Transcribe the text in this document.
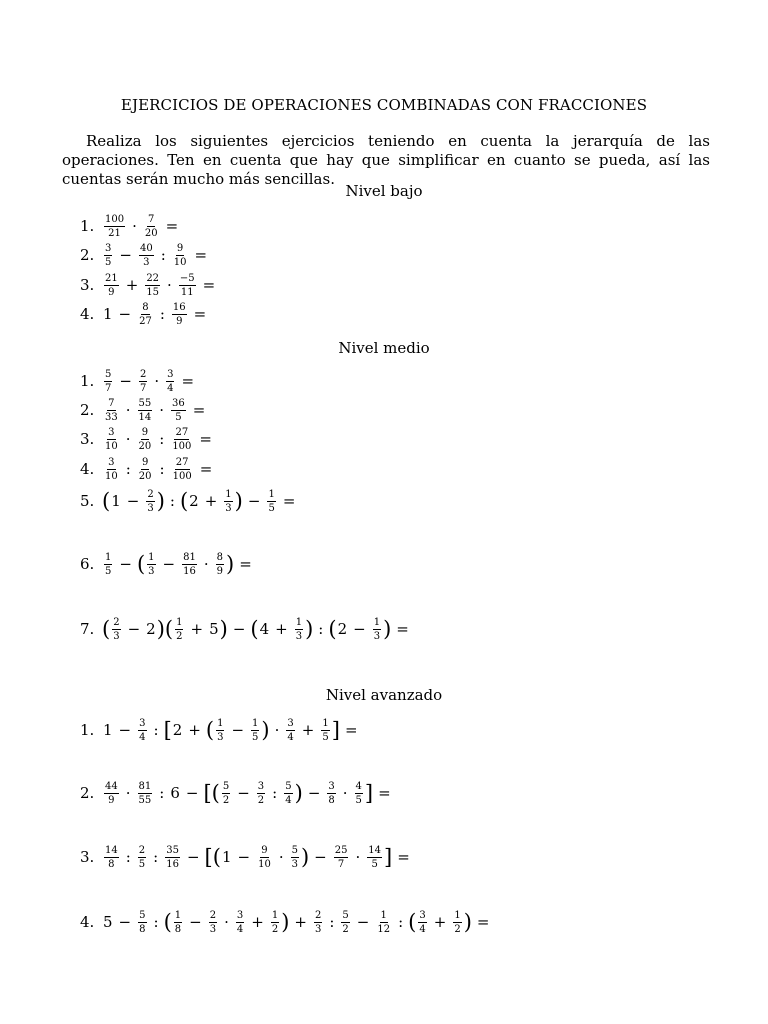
EJERCICIOS DE OPERACIONES COMBINADAS CON FRACCIONES
Realiza los siguientes ejercicios teniendo en cuenta la jerarquía de las operaciones. Ten en cuenta que hay que simplificar en cuanto se pueda, así las cuentas serán mucho más sencillas.
Nivel bajo
1. $\frac{100}{21} \cdot \frac{7}{20}$ =
2. $\frac{3}{5} - \frac{40}{3}$ : $\frac{9}{10}$ =
3. $\frac{21}{9} + \frac{22}{15} \cdot \frac{-5}{11}$ =
4. $1 - \frac{8}{27}$ : $\frac{16}{9}$ =
Nivel medio
1. $\frac{5}{7} - \frac{2}{7} \cdot \frac{3}{4}$ =
2. $\frac{7}{33} \cdot \frac{55}{14} \cdot \frac{36}{5}$ =
3. $\frac{3}{10} \cdot \frac{9}{20}$ : $\frac{27}{100}$ =
4. $\frac{3}{10}$ : $\frac{9}{20}$ : $\frac{27}{100}$ =
5. ( $1 - \frac{2}{3}$ ) : ( $2 + \frac{1}{3}$ ) − $\frac{1}{5}$ =
6. $\frac{1}{5}$ − ( $\frac{1}{3} - \frac{81}{16} \cdot \frac{8}{9}$ ) =
7. ( $\frac{2}{3} - 2$ ) ( $\frac{1}{2} + 5$ ) − ( $4 + \frac{1}{3}$ ) : ( $2 - \frac{1}{3}$ ) =
Nivel avanzado
1. $1 - \frac{3}{4}$ : [ 2 + ( $\frac{1}{3} - \frac{1}{5}$ ) · $\frac{3}{4} + \frac{1}{5}$ ] =
2. $\frac{44}{9} \cdot \frac{81}{55}$ : 6 − [ ( $\frac{5}{2} - \frac{3}{2}$ : $\frac{5}{4}$ ) − $\frac{3}{8} \cdot \frac{4}{5}$ ] =
3. $\frac{14}{8}$ : $\frac{2}{5}$ : $\frac{35}{16}$ − [ ( $1 - \frac{9}{10} \cdot \frac{5}{3}$ ) − $\frac{25}{7} \cdot \frac{14}{5}$ ] =
4. $5 - \frac{5}{8}$ : ( $\frac{1}{8} - \frac{2}{3} \cdot \frac{3}{4} + \frac{1}{2}$ ) + $\frac{2}{3}$ : $\frac{5}{2} - \frac{1}{12}$ : ( $\frac{3}{4} + \frac{1}{2}$ ) =
